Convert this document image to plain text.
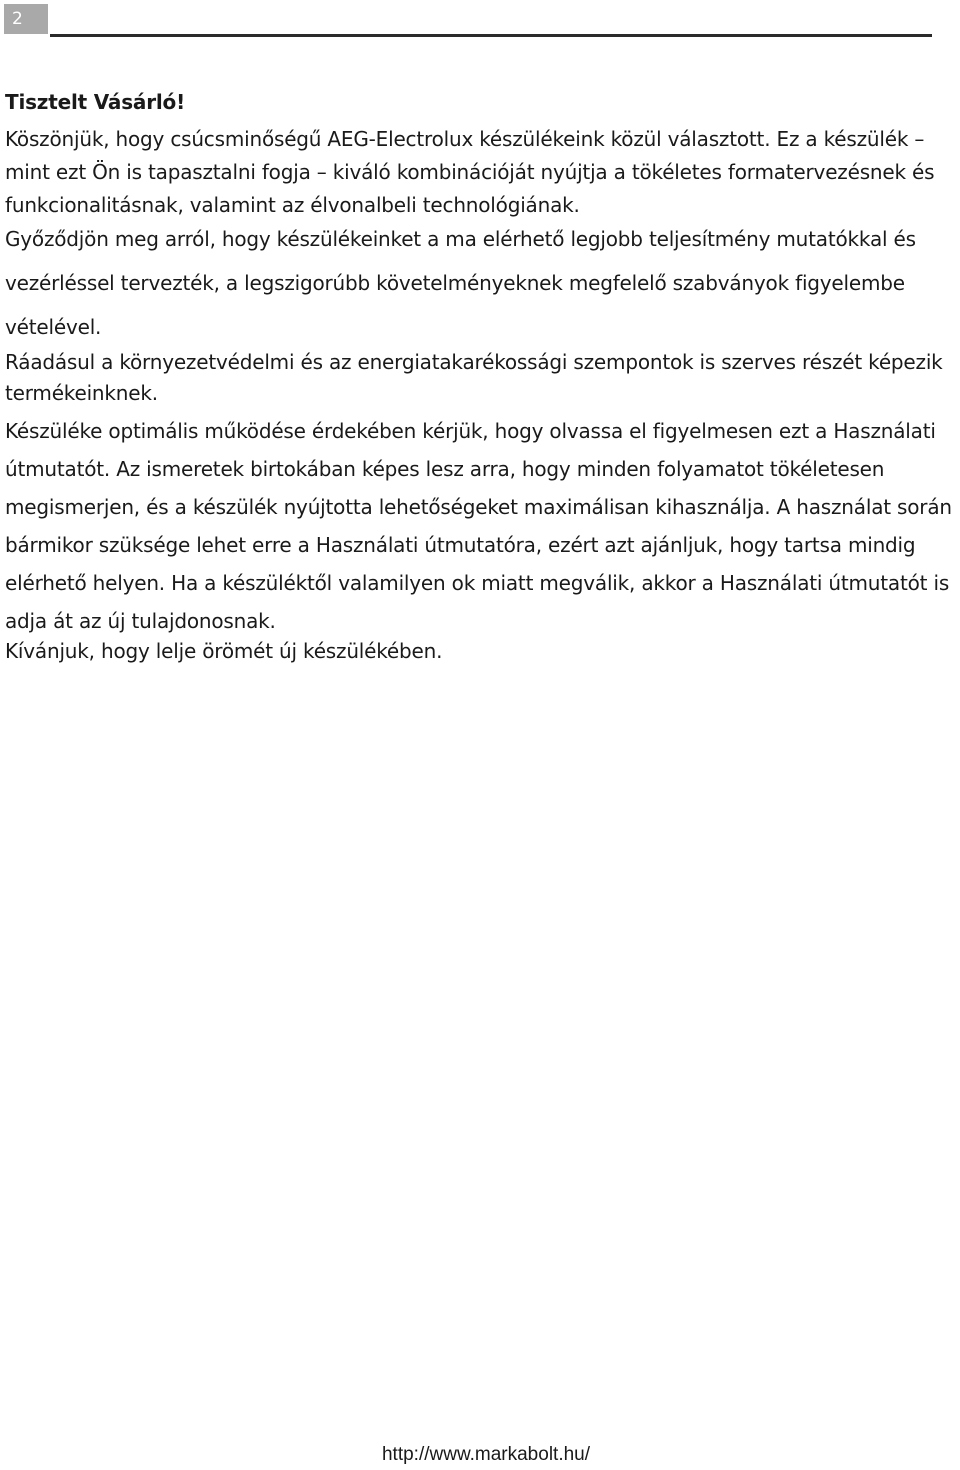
2

Tisztelt Vásárló!

Köszönjük, hogy csúcsminőségű AEG-Electrolux készülékeink közül választott. Ez a készülék – mint ezt Ön is tapasztalni fogja – kiváló kombinációját nyújtja a tökéletes formatervezésnek és funkcionalitásnak, valamint az élvonalbeli technológiának.

Győződjön meg arról, hogy készülékeinket a ma elérhető legjobb teljesítmény mutatókkal és vezérléssel tervezték, a legszigorúbb követelményeknek megfelelő szabványok figyelembe vételével.

Ráadásul a környezetvédelmi és az energiatakarékossági szempontok is szerves részét képezik termékeinknek.

Készüléke optimális működése érdekében kérjük, hogy olvassa el figyelmesen ezt a Használati útmutatót. Az ismeretek birtokában képes lesz arra, hogy minden folyamatot tökéletesen megismerjen, és a készülék nyújtotta lehetőségeket maximálisan kihasználja. A használat során bármikor szüksége lehet erre a Használati útmutatóra, ezért azt ajánljuk, hogy tartsa mindig elérhető helyen. Ha a készüléktől valamilyen ok miatt megválik, akkor a Használati útmutatót is adja át az új tulajdonosnak.

Kívánjuk, hogy lelje örömét új készülékében.

http://www.markabolt.hu/
